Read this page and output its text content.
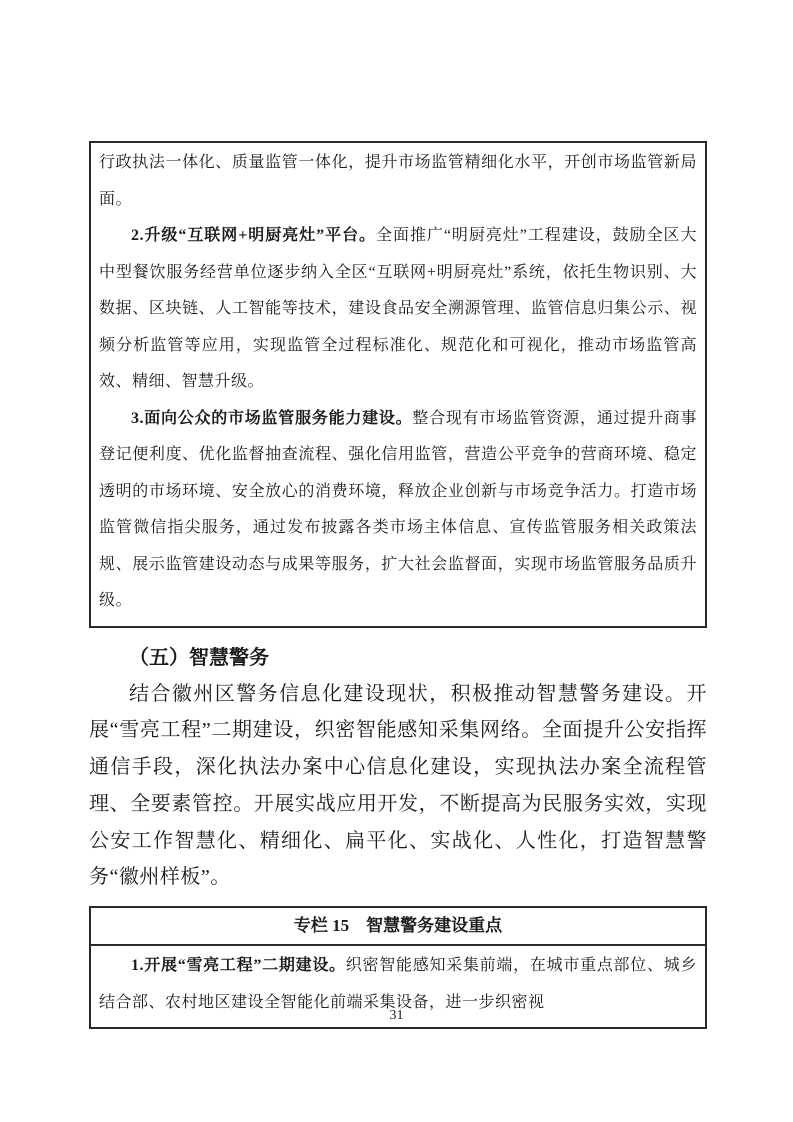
行政执法一体化、质量监管一体化，提升市场监管精细化水平，开创市场监管新局面。

2.升级“互联网+明厨亮灶”平台。全面推广“明厨亮灶”工程建设，鼓励全区大中型餐饮服务经营单位逐步纳入全区“互联网+明厨亮灶”系统，依托生物识别、大数据、区块链、人工智能等技术，建设食品安全溯源管理、监管信息归集公示、视频分析监管等应用，实现监管全过程标准化、规范化和可视化，推动市场监管高效、精细、智慧升级。

3.面向公众的市场监管服务能力建设。整合现有市场监管资源，通过提升商事登记便利度、优化监督抽查流程、强化信用监管，营造公平竞争的营商环境、稳定透明的市场环境、安全放心的消费环境，释放企业创新与市场竞争活力。打造市场监管微信指尖服务，通过发布披露各类市场主体信息、宣传监管服务相关政策法规、展示监管建设动态与成果等服务，扩大社会监督面，实现市场监管服务品质升级。

（五）智慧警务

结合徽州区警务信息化建设现状，积极推动智慧警务建设。开展“雪亮工程”二期建设，织密智能感知采集网络。全面提升公安指挥通信手段，深化执法办案中心信息化建设，实现执法办案全流程管理、全要素管控。开展实战应用开发，不断提高为民服务实效，实现公安工作智慧化、精细化、扁平化、实战化、人性化，打造智慧警务“徽州样板”。

专栏 15　智慧警务建设重点

1.开展“雪亮工程”二期建设。织密智能感知采集前端，在城市重点部位、城乡结合部、农村地区建设全智能化前端采集设备，进一步织密视

31
